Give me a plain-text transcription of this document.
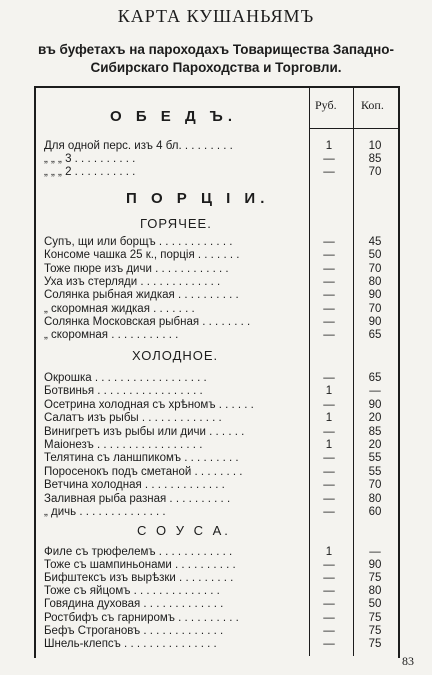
КАРТА КУШАНЬЯМЪ
въ буфетахъ на пароходахъ Товарищества Западно-
Сибирскаго Пароходства и Торговли.
Руб. Коп.
О Б Е Д Ъ.
П О Р Ц І И.
ГОРЯЧЕЕ.
ХОЛОДНОЕ.
С О У С А.
Для одной перс. изъ 4 бл. . . . . . . . .	1	10
„ „ „ 3 . . . . . . . . . .	—	85
„ „ „ 2 . . . . . . . . . .	—	70
Супъ, щи или борщъ . . . . . . . . . . . .	—	45
Консоме чашка 25 к., порція . . . . . . .	—	50
Тоже пюре изъ дичи . . . . . . . . . . . .	—	70
Уха изъ стерляди . . . . . . . . . . . . .	—	80
Солянка рыбная жидкая . . . . . . . . . .	—	90
„ скоромная жидкая . . . . . . .	—	70
Солянка Московская рыбная . . . . . . . .	—	90
„ скоромная . . . . . . . . . . .	—	65
Окрошка . . . . . . . . . . . . . . . . . .	—	65
Ботвинья . . . . . . . . . . . . . . . . .	1	—
Осетрина холодная съ хрѣномъ . . . . . .	—	90
Салатъ изъ рыбы . . . . . . . . . . . . .	1	20
Винигретъ изъ рыбы или дичи . . . . . .	—	85
Маіонезъ . . . . . . . . . . . . . . . . .	1	20
Телятина съ ланшпикомъ . . . . . . . . .	—	55
Поросенокъ подъ сметаной . . . . . . . .	—	55
Ветчина холодная . . . . . . . . . . . . .	—	70
Заливная рыба разная . . . . . . . . . .	—	80
„ дичь . . . . . . . . . . . . . .	—	60
Филе съ трюфелемъ . . . . . . . . . . . .	1	—
Тоже съ шампиньонами . . . . . . . . . .	—	90
Бифштексъ изъ вырѣзки . . . . . . . . .	—	75
Тоже съ яйцомъ . . . . . . . . . . . . . .	—	80
Говядина духовая . . . . . . . . . . . . .	—	50
Ростбифъ съ гарниромъ . . . . . . . . . .	—	75
Бефъ Строгановъ . . . . . . . . . . . . .	—	75
Шнель-клепсъ . . . . . . . . . . . . . . .	—	75
83
